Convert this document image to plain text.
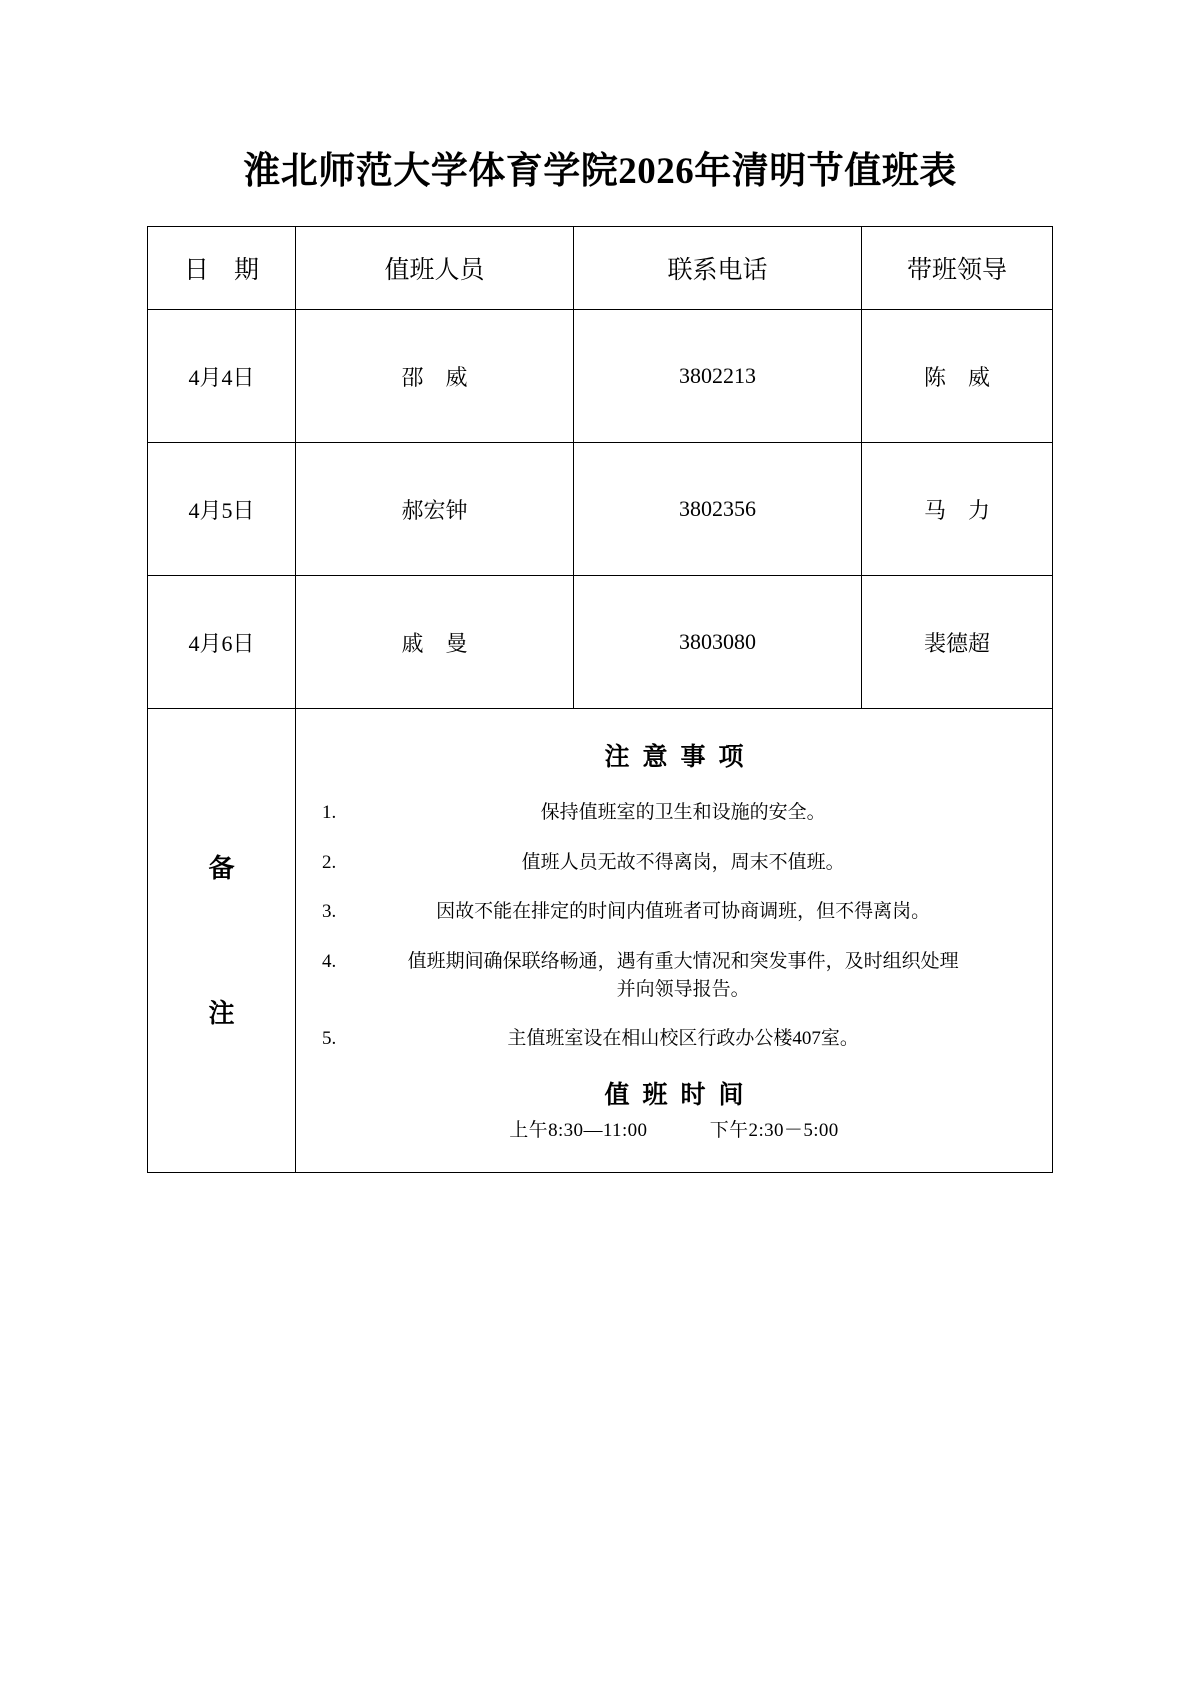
淮北师范大学体育学院2026年清明节值班表
日　期	值班人员	联系电话	带班领导
4月4日	邵　威	3802213	陈　威
4月5日	郝宏钟	3802356	马　力
4月6日	戚　曼	3803080	裴德超

备
注

注意事项
1.	保持值班室的卫生和设施的安全。
2.	值班人员无故不得离岗，周末不值班。
3.	因故不能在排定的时间内值班者可协商调班，但不得离岗。
4.	值班期间确保联络畅通，遇有重大情况和突发事件，及时组织处理
并向领导报告。
5.	主值班室设在相山校区行政办公楼407室。
值班时间
上午8:30—11:00	下午2:30－5:00
